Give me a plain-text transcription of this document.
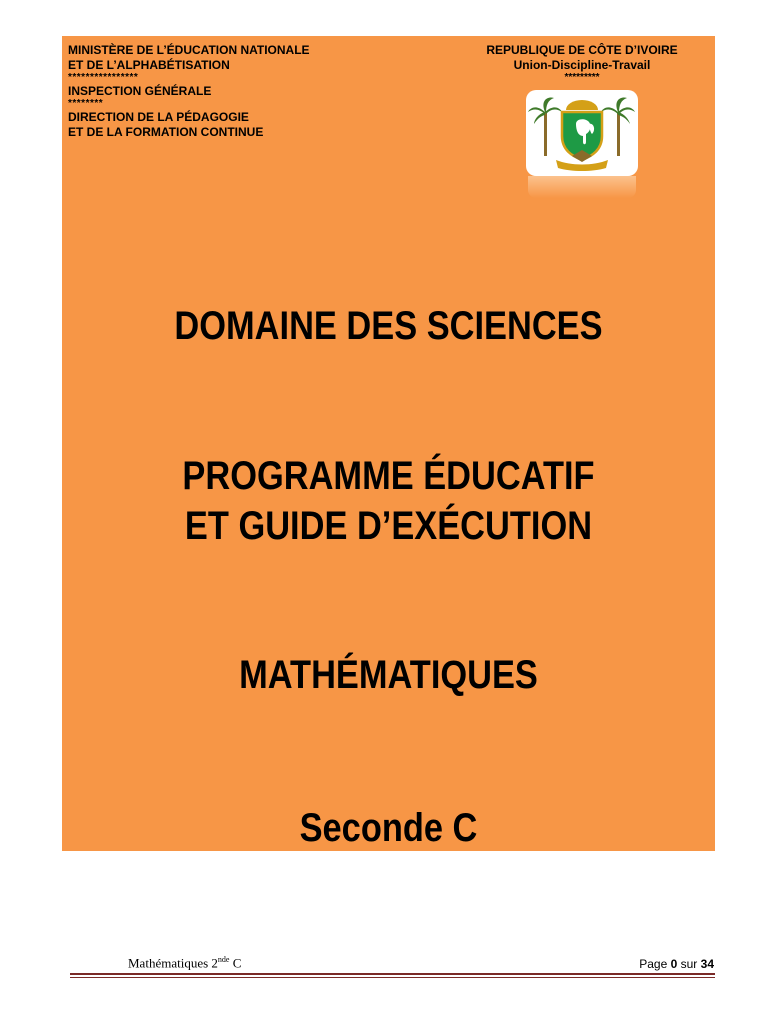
MINISTÈRE DE L’ÉDUCATION NATIONALE
ET DE L’ALPHABÉTISATION
****************
INSPECTION GÉNÉRALE
********
DIRECTION DE LA PÉDAGOGIE
ET DE LA FORMATION CONTINUE
REPUBLIQUE DE CÔTE D’IVOIRE
Union-Discipline-Travail
*********
DOMAINE DES SCIENCES
PROGRAMME ÉDUCATIF
ET GUIDE D’EXÉCUTION
MATHÉMATIQUES
Seconde C
Mathématiques 2nde C	Page 0 sur 34
